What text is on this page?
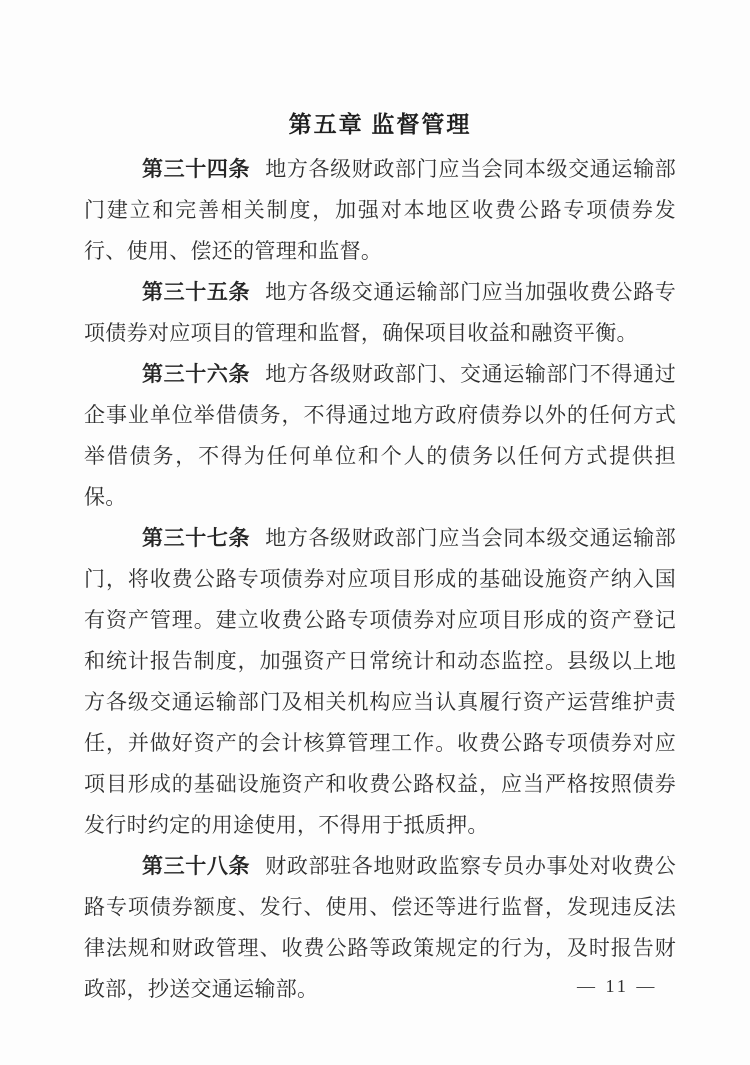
第五章 监督管理

第三十四条 地方各级财政部门应当会同本级交通运输部门建立和完善相关制度，加强对本地区收费公路专项债券发行、使用、偿还的管理和监督。

第三十五条 地方各级交通运输部门应当加强收费公路专项债券对应项目的管理和监督，确保项目收益和融资平衡。

第三十六条 地方各级财政部门、交通运输部门不得通过企事业单位举借债务，不得通过地方政府债券以外的任何方式举借债务，不得为任何单位和个人的债务以任何方式提供担保。

第三十七条 地方各级财政部门应当会同本级交通运输部门，将收费公路专项债券对应项目形成的基础设施资产纳入国有资产管理。建立收费公路专项债券对应项目形成的资产登记和统计报告制度，加强资产日常统计和动态监控。县级以上地方各级交通运输部门及相关机构应当认真履行资产运营维护责任，并做好资产的会计核算管理工作。收费公路专项债券对应项目形成的基础设施资产和收费公路权益，应当严格按照债券发行时约定的用途使用，不得用于抵质押。

第三十八条 财政部驻各地财政监察专员办事处对收费公路专项债券额度、发行、使用、偿还等进行监督，发现违反法律法规和财政管理、收费公路等政策规定的行为，及时报告财政部，抄送交通运输部。	— 11 —
